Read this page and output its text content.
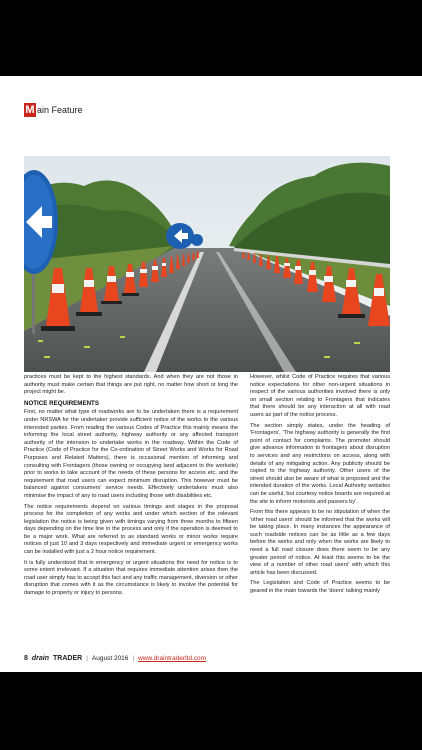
M ain Feature

practices must be kept to the highest standards. And when they are not those in authority must make certain that things are put right, no matter how short or long the project might be.

NOTICE REQUIREMENTS

First, no matter what type of roadworks are to be undertaken there is a requirement under NRSWA for the undertaker provide sufficient notice of the works to the various interested parties. From reading the various Codes of Practice this mainly means the informing the local street authority, highway authority or any affected transport authority of the intension to undertake works in the roadway. Within the Code of Practice (Code of Practice for the Co-ordination of Street Works and Works for Road Purposes and Related Matters), there is occasional mention of informing and consulting with Frontagers (those owning or occupying land adjacent to the worksite) prior to works to take account of the needs of these persons for access etc. and the requirement that road users can expect minimum disruption. This however must be balanced against consumers' service needs. Effectively undertakers must also minimise the impact of any to road users including those with disabilities etc.

The notice requirements depend on various timings and stages in the proposal process for the completion of any works and under which section of the relevant legislation the notice is being given with timings varying from three months to fifteen days depending on the time line in the process and only if the operation is deemed to be a major work. What are referred to as standard works or minor works require notices of just 10 and 3 days respectively and immediate urgent or emergency works can be installed with just a 2 hour notice requirement.

It is fully understood that in emergency or urgent situations the need for notice is to some extent irrelevant. If a situation that requires immediate attention arises then the road user simply has to accept this fact and any traffic management, diversion or other disruption that comes with it as the circumstance is likely to involve the potential for damage to property or injury to persons.

However, whilst Code of Practice requires that various notice expectations for other non-urgent situations in respect of the various authorities involved there is only on small section relating to Frontagers that indicates that there should be any interaction at all with road users as part of the notice process.

The section simply states, under the heading of 'Frontagers', 'The highway authority is generally the first point of contact for complaints. The promoter should give advance information to frontagers about disruption to services and any restrictions on access, along with details of any mitigating action. Any publicity should be copied to the highway authority. Other users of the street should also be aware of what is proposed and the intended duration of the works. Local Authority websites can be useful, but courtesy notice boards are required at the site to inform motorists and passers by'.

From this there appears to be no stipulation of when the 'other road users' should be informed that the works will be taking place. In many instances the appearance of such roadside notices can be as little as a few days before the works and only when the works are likely to need a full road closure does there seem to be any greater period of notice. At least this seems to be the view of a number of other road users' with which this article has been discussed.

The Legislation and Code of Practice seems to be geared in the main towards the 'doers' talking mainly

8 drain TRADER | August 2016 | www.draintraderltd.com
